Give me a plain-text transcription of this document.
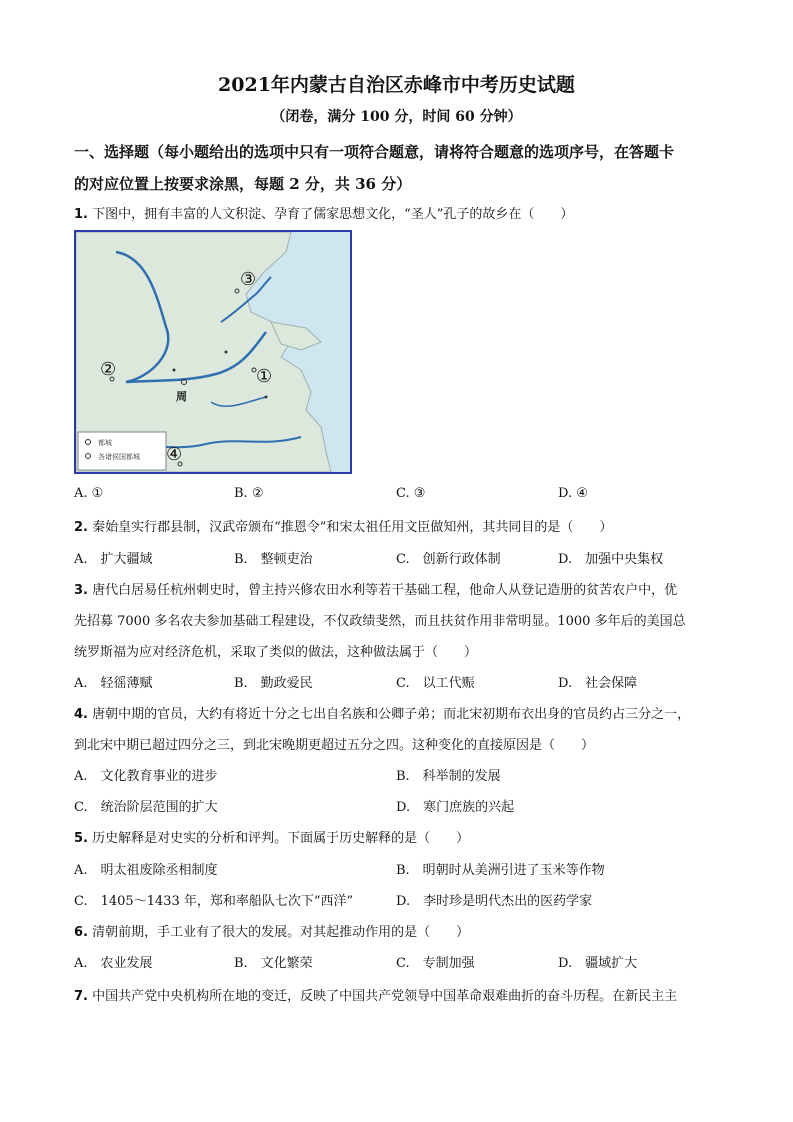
2021年内蒙古自治区赤峰市中考历史试题
（闭卷，满分 100 分，时间 60 分钟）
一、选择题（每小题给出的选项中只有一项符合题意，请将符合题意的选项序号，在答题卡
的对应位置上按要求涂黑，每题 2 分，共 36 分）
1. 下图中，拥有丰富的人文积淀、孕育了儒家思想文化，“圣人”孔子的故乡在（　　）
都城
各诸侯国都城
③
②	①
④
周
A. ①	B. ②	C. ③	D. ④
2. 秦始皇实行郡县制，汉武帝颁布“推恩令”和宋太祖任用文臣做知州，其共同目的是（　　）
A.　扩大疆域	B.　整顿吏治	C.　创新行政体制	D.　加强中央集权
3. 唐代白居易任杭州刺史时，曾主持兴修农田水利等若干基础工程，他命人从登记造册的贫苦农户中，优
先招募 7000 多名农夫参加基础工程建设，不仅政绩斐然，而且扶贫作用非常明显。1000 多年后的美国总
统罗斯福为应对经济危机，采取了类似的做法，这种做法属于（　　）
A.　轻徭薄赋	B.　勤政爱民	C.　以工代赈	D.　社会保障
4. 唐朝中期的官员，大约有将近十分之七出自名族和公卿子弟；而北宋初期布衣出身的官员约占三分之一，
到北宋中期已超过四分之三，到北宋晚期更超过五分之四。这种变化的直接原因是（　　）
A.　文化教育事业的进步	B.　科举制的发展
C.　统治阶层范围的扩大	D.　寒门庶族的兴起
5. 历史解释是对史实的分析和评判。下面属于历史解释的是（　　）
A.　明太祖废除丞相制度	B.　明朝时从美洲引进了玉米等作物
C.　1405～1433 年，郑和率船队七次下“西洋”	D.　李时珍是明代杰出的医药学家
6. 清朝前期，手工业有了很大的发展。对其起推动作用的是（　　）
A.　农业发展	B.　文化繁荣	C.　专制加强	D.　疆域扩大
7. 中国共产党中央机构所在地的变迁，反映了中国共产党领导中国革命艰难曲折的奋斗历程。在新民主主
